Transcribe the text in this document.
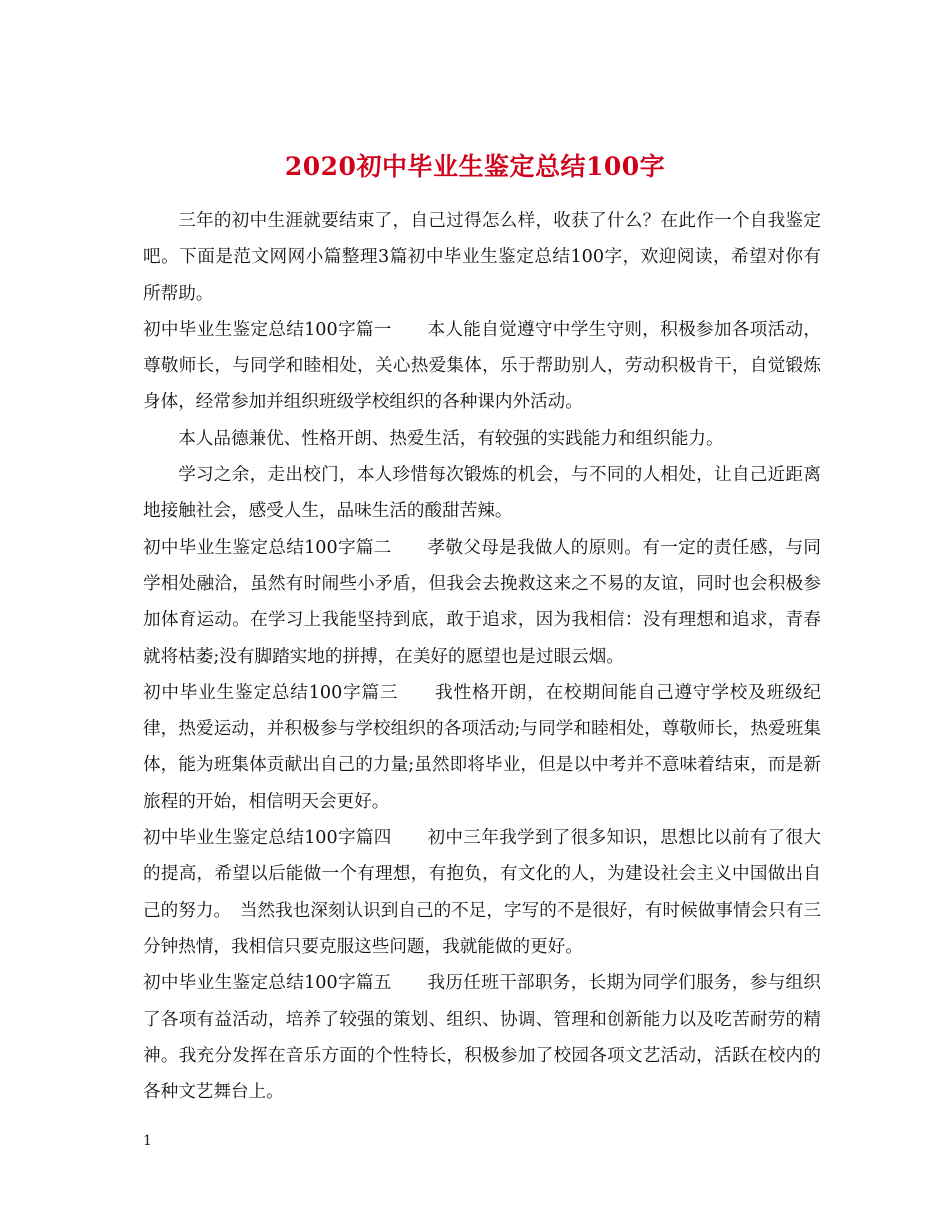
2020初中毕业生鉴定总结100字

三年的初中生涯就要结束了，自己过得怎么样，收获了什么？在此作一个自我鉴定吧。下面是范文网网小篇整理3篇初中毕业生鉴定总结100字，欢迎阅读，希望对你有所帮助。

初中毕业生鉴定总结100字篇一　　本人能自觉遵守中学生守则，积极参加各项活动，尊敬师长，与同学和睦相处，关心热爱集体，乐于帮助别人，劳动积极肯干，自觉锻炼身体，经常参加并组织班级学校组织的各种课内外活动。

本人品德兼优、性格开朗、热爱生活，有较强的实践能力和组织能力。

学习之余，走出校门，本人珍惜每次锻炼的机会，与不同的人相处，让自己近距离地接触社会，感受人生，品味生活的酸甜苦辣。

初中毕业生鉴定总结100字篇二　　孝敬父母是我做人的原则。有一定的责任感，与同学相处融洽，虽然有时闹些小矛盾，但我会去挽救这来之不易的友谊，同时也会积极参加体育运动。在学习上我能坚持到底，敢于追求，因为我相信：没有理想和追求，青春就将枯萎;没有脚踏实地的拼搏，在美好的愿望也是过眼云烟。

初中毕业生鉴定总结100字篇三　　我性格开朗，在校期间能自己遵守学校及班级纪律，热爱运动，并积极参与学校组织的各项活动;与同学和睦相处，尊敬师长，热爱班集体，能为班集体贡献出自己的力量;虽然即将毕业，但是以中考并不意味着结束，而是新旅程的开始，相信明天会更好。

初中毕业生鉴定总结100字篇四　　初中三年我学到了很多知识，思想比以前有了很大的提高，希望以后能做一个有理想，有抱负，有文化的人，为建设社会主义中国做出自己的努力。　当然我也深刻认识到自己的不足，字写的不是很好，有时候做事情会只有三分钟热情，我相信只要克服这些问题，我就能做的更好。

初中毕业生鉴定总结100字篇五　　我历任班干部职务，长期为同学们服务，参与组织了各项有益活动，培养了较强的策划、组织、协调、管理和创新能力以及吃苦耐劳的精神。我充分发挥在音乐方面的个性特长，积极参加了校园各项文艺活动，活跃在校内的各种文艺舞台上。

1
